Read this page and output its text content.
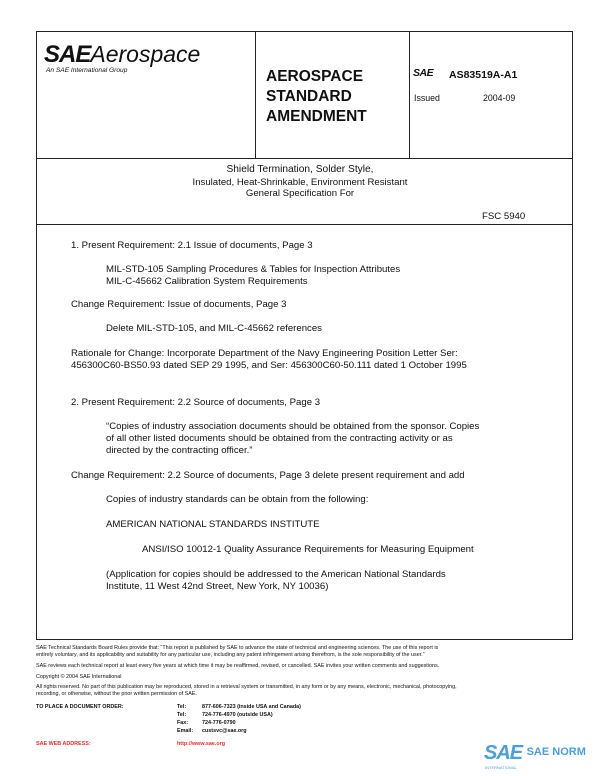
SAEAerospace
An SAE International Group	AEROSPACE
STANDARD
AMENDMENT
SAE AS83519A-A1
Issued	2004-09
Shield Termination, Solder Style,
Insulated, Heat-Shrinkable, Environment Resistant
General Specification For
FSC 5940
1. Present Requirement: 2.1 Issue of documents, Page 3
MIL-STD-105 Sampling Procedures & Tables for Inspection Attributes
MIL-C-45662 Calibration System Requirements
Change Requirement: Issue of documents, Page 3
Delete MIL-STD-105, and MIL-C-45662 references
Rationale for Change: Incorporate Department of the Navy Engineering Position Letter Ser:
456300C60-BS50.93 dated SEP 29 1995, and Ser: 456300C60-50.111 dated 1 October 1995
2. Present Requirement: 2.2 Source of documents, Page 3
“Copies of industry association documents should be obtained from the sponsor. Copies
of all other listed documents should be obtained from the contracting activity or as
directed by the contracting officer.”
Change Requirement: 2.2 Source of documents, Page 3 delete present requirement and add
Copies of industry standards can be obtain from the following:
AMERICAN NATIONAL STANDARDS INSTITUTE
ANSI/ISO 10012-1 Quality Assurance Requirements for Measuring Equipment
(Application for copies should be addressed to the American National Standards
Institute, 11 West 42nd Street, New York, NY 10036)
SAE Technical Standards Board Rules provide that: “This report is published by SAE to advance the state of technical and engineering sciences. The use of this report is
entirely voluntary, and its applicability and suitability for any particular use, including any patent infringement arising therefrom, is the sole responsibility of the user.”
SAE reviews each technical report at least every five years at which time it may be reaffirmed, revised, or cancelled. SAE invites your written comments and suggestions.
Copyright © 2004 SAE International
All rights reserved. No part of this publication may be reproduced, stored in a retrieval system or transmitted, in any form or by any means, electronic, mechanical, photocopying,
recording, or otherwise, without the prior written permission of SAE.
TO PLACE A DOCUMENT ORDER:	Tel:	877-606-7323 (inside USA and Canada)
Tel:	724-776-4970 (outside USA)
Fax:	724-776-0790
Email: custsvc@sae.org
SAE WEB ADDRESS:	http://www.sae.org	SAE $^{SAE NORM}$
INTERNATIONAL
